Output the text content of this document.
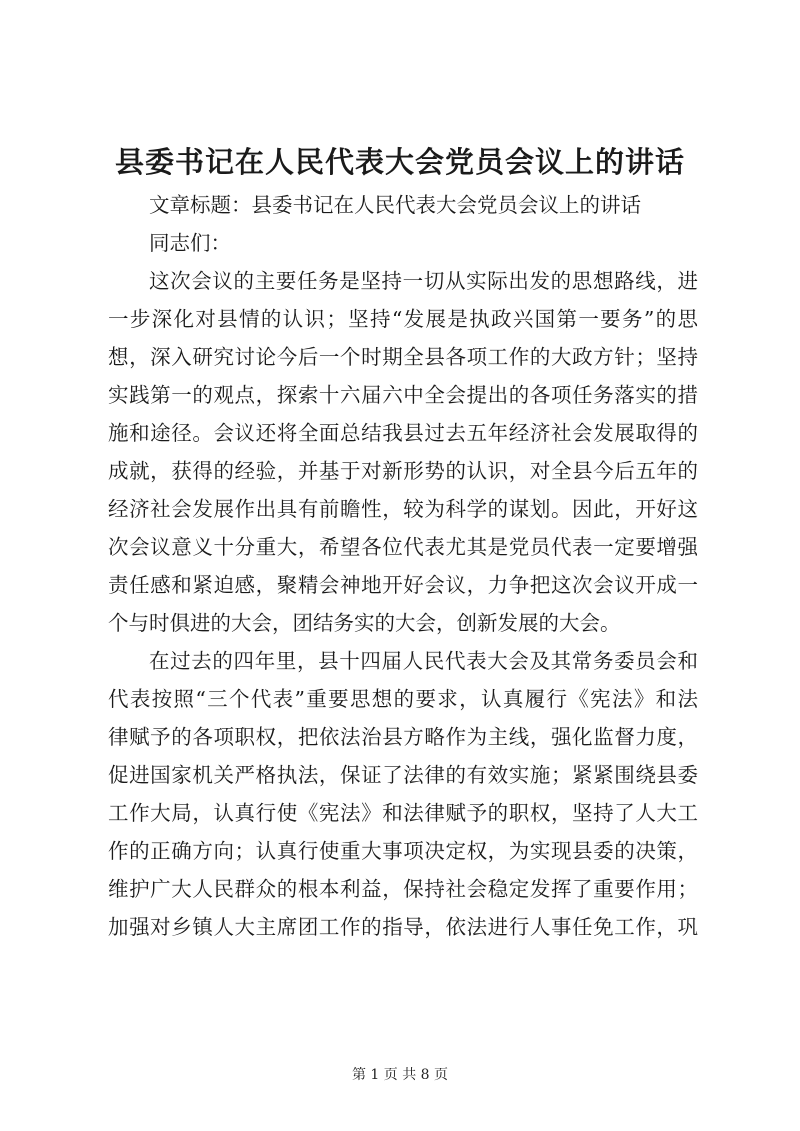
县委书记在人民代表大会党员会议上的讲话
文章标题：县委书记在人民代表大会党员会议上的讲话
同志们：
这次会议的主要任务是坚持一切从实际出发的思想路线，进
一步深化对县情的认识；坚持“发展是执政兴国第一要务”的思
想，深入研究讨论今后一个时期全县各项工作的大政方针；坚持
实践第一的观点，探索十六届六中全会提出的各项任务落实的措
施和途径。会议还将全面总结我县过去五年经济社会发展取得的
成就，获得的经验，并基于对新形势的认识，对全县今后五年的
经济社会发展作出具有前瞻性，较为科学的谋划。因此，开好这
次会议意义十分重大，希望各位代表尤其是党员代表一定要增强
责任感和紧迫感，聚精会神地开好会议，力争把这次会议开成一
个与时俱进的大会，团结务实的大会，创新发展的大会。
在过去的四年里，县十四届人民代表大会及其常务委员会和
代表按照“三个代表”重要思想的要求，认真履行《宪法》和法
律赋予的各项职权，把依法治县方略作为主线，强化监督力度，
促进国家机关严格执法，保证了法律的有效实施；紧紧围绕县委
工作大局，认真行使《宪法》和法律赋予的职权，坚持了人大工
作的正确方向；认真行使重大事项决定权，为实现县委的决策，
维护广大人民群众的根本利益，保持社会稳定发挥了重要作用；
加强对乡镇人大主席团工作的指导，依法进行人事任免工作，巩
第 1 页 共 8 页
